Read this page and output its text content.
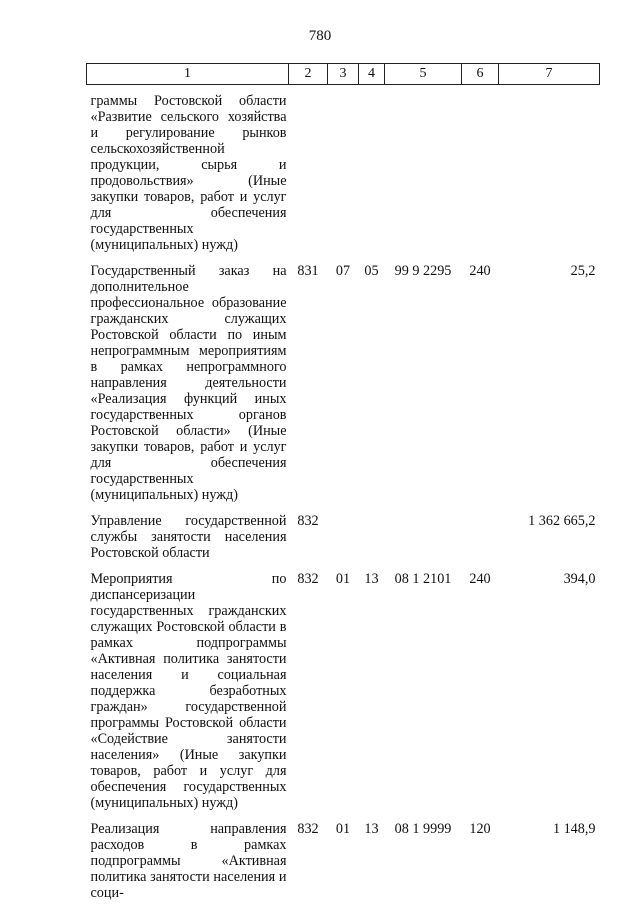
780
1	2	3	4	5	6	7
граммы Ростовской области «Развитие сельского хозяйства и регулирование рынков сельскохозяйственной продукции, сырья и продовольствия» (Иные закупки товаров, работ и услуг для обеспечения государственных (муниципальных) нужд)						
Государственный заказ на дополнительное профессиональное образование гражданских служащих Ростовской области по иным непрограммным мероприятиям в рамках непрограммного направления деятельности «Реализация функций иных государственных органов Ростовской области» (Иные закупки товаров, работ и услуг для обеспечения государственных (муниципальных) нужд)	831	07	05	99 9 2295	240	25,2
Управление государственной службы занятости населения Ростовской области	832					1 362 665,2
Мероприятия по диспансеризации государственных гражданских служащих Ростовской области в рамках подпрограммы «Активная политика занятости населения и социальная поддержка безработных граждан» государственной программы Ростовской области «Содействие занятости населения» (Иные закупки товаров, работ и услуг для обеспечения государственных (муниципальных) нужд)	832	01	13	08 1 2101	240	394,0
Реализация направления расходов в рамках подпрограммы «Активная политика занятости населения и соци-	832	01	13	08 1 9999	120	1 148,9
